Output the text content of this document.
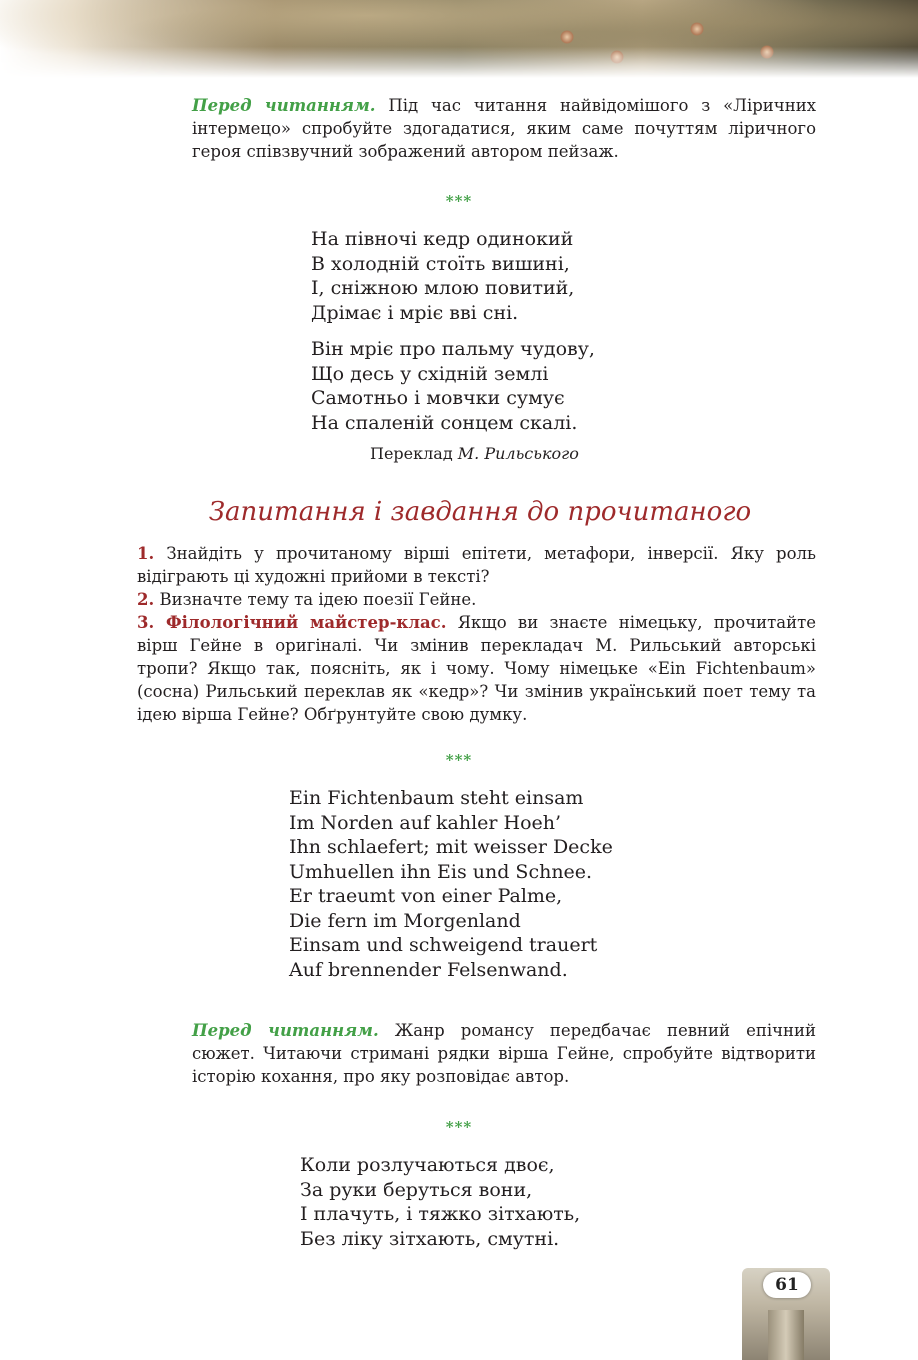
Перед читанням. Під час читання найвідомішого з «Ліричних інтермецо» спробуйте здогадатися, яким саме почуттям ліричного героя співзвучний зображений автором пейзаж.
***
На півночі кедр одинокий
В холодній стоїть вишині,
І, сніжною млою повитий,
Дрімає і мріє вві сні.
Він мріє про пальму чудову,
Що десь у східній землі
Самотньо і мовчки сумує
На спаленій сонцем скалі.
Переклад М. Рильського
Запитання і завдання до прочитаного

1. Знайдіть у прочитаному вірші епітети, метафори, інверсії. Яку роль відіграють ці художні прийоми в тексті?

2. Визначте тему та ідею поезії Гейне.

3. Філологічний майстер-клас. Якщо ви знаєте німецьку, прочитайте вірш Гейне в оригіналі. Чи змінив перекладач М. Рильський авторські тропи? Якщо так, поясніть, як і чому. Чому німецьке «Ein Fichtenbaum» (сосна) Рильський переклав як «кедр»? Чи змінив український поет тему та ідею вірша Гейне? Обґрунтуйте свою думку.

***
Ein Fichtenbaum steht einsam
Im Norden auf kahler Hoeh’
Ihn schlaefert; mit weisser Decke
Umhuellen ihn Eis und Schnee.
Er traeumt von einer Palme,
Die fern im Morgenland
Einsam und schweigend trauert
Auf brennender Felsenwand.
Перед читанням. Жанр романсу передбачає певний епічний сюжет. Читаючи стримані рядки вірша Гейне, спробуйте відтворити історію кохання, про яку розповідає автор.
***
Коли розлучаються двоє,
За руки беруться вони,
І плачуть, і тяжко зітхають,
Без ліку зітхають, смутні.
61
